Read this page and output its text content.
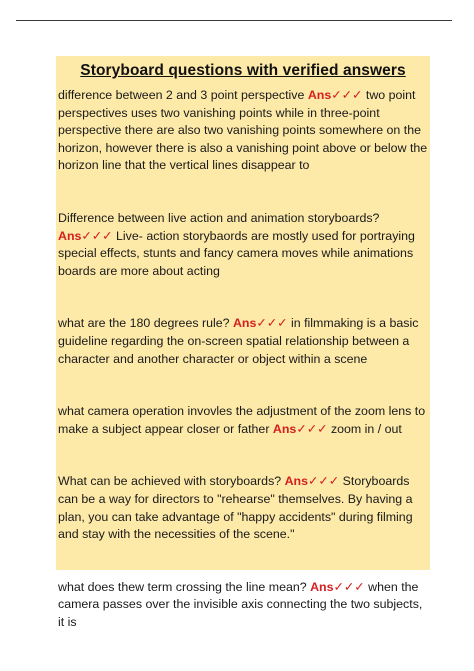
Storyboard questions with verified answers

difference between 2 and 3 point perspective Ans✓✓✓ two point perspectives uses two vanishing points while in three-point perspective there are also two vanishing points somewhere on the horizon, however there is also a vanishing point above or below the horizon line that the vertical lines disappear to

Difference between live action and animation storyboards? Ans✓✓✓ Live- action storybaords are mostly used for portraying special effects, stunts and fancy camera moves while animations boards are more about acting

what are the 180 degrees rule? Ans✓✓✓ in filmmaking is a basic guideline regarding the on-screen spatial relationship between a character and another character or object within a scene

what camera operation invovles the adjustment of the zoom lens to make a subject appear closer or father Ans✓✓✓ zoom in / out

What can be achieved with storyboards? Ans✓✓✓ Storyboards can be a way for directors to "rehearse" themselves. By having a plan, you can take advantage of "happy accidents" during filming and stay with the necessities of the scene."

what does thew term crossing the line mean? Ans✓✓✓ when the camera passes over the invisible axis connecting the two subjects, it is
